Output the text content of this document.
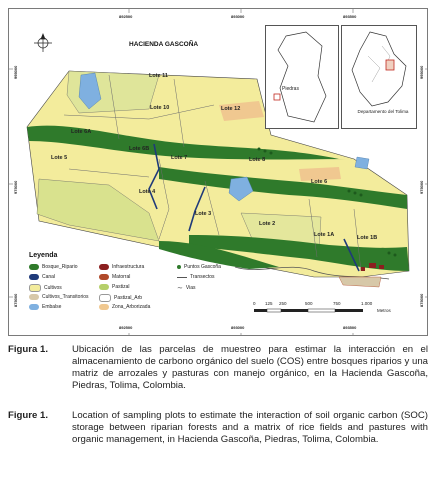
892500	893000	893500
892500	893000	893500
995000
975000
875000
995000
975000
875000
HACIENDA GASCOÑA
Lote 11
Lote 10	Lote 12
Lote 6A
Lote 6B
Lote 7	Lote 8
Lote 5
Lote 4
Lote 3
Lote 6
Lote 2
Lote 1A	Lote 1B
Piedras
Departamento del Tolima
Leyenda
Bosque_Ripario
Canal
Cultivos
Cultivos_Transitorios
Embalse
Infraestructura
Matorral
Pastizal
Pastizal_Arb
Zona_Arborizada
Puntos Gascoña
Transectos
∼ Vias
0 125 250	500	750	1.000
Metros
Figura 1.	Ubicación de las parcelas de muestreo para estimar la interacción en el almacenamiento de carbono orgánico del suelo (COS) entre bosques riparios y una matriz de arrozales y pasturas con manejo orgánico, en la Hacienda Gascoña, Piedras, Tolima, Colombia.
Figure 1.	Location of sampling plots to estimate the interaction of soil organic carbon (SOC) storage between riparian forests and a matrix of rice fields and pastures with organic management, in Hacienda Gascoña, Piedras, Tolima, Colombia.
